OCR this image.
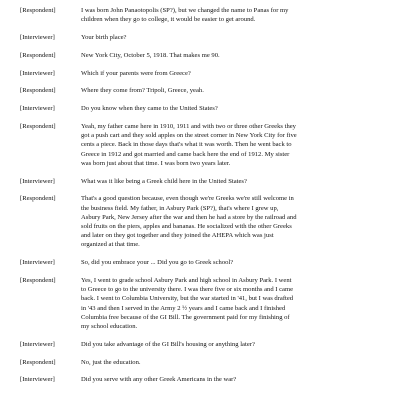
[Respondent]	I was born John Panaotopolis (SP?), but we changed the name to Panas for my
children when they go to college, it would be easier to get around.
[Interviewer]	Your birth place?
[Respondent]	New York City, October 5, 1918. That makes me 90.
[Interviewer]	Which if your parents were from Greece?
[Respondent]	Where they come from? Tripoli, Greece, yeah.
[Interviewer]	Do you know when they came to the United States?
[Respondent]	Yeah, my father came here in 1910, 1911 and with two or three other Greeks they
got a push cart and they sold apples on the street corner in New York City for five
cents a piece. Back in those days that's what it was worth. Then he went back to
Greece in 1912 and got married and came back here the end of 1912. My sister
was born just about that time. I was born two years later.
[Interviewer]	What was it like being a Greek child here in the United States?
[Respondent]	That's a good question because, even though we're Greeks we're still welcome in
the business field. My father, in Asbury Park (SP?), that's where I grew up,
Asbury Park, New Jersey after the war and then he had a store by the railroad and
sold fruits on the piers, apples and bananas. He socialized with the other Greeks
and later on they got together and they joined the AHEPA which was just
organized at that time.
[Interviewer]	So, did you embrace your ... Did you go to Greek school?
[Respondent]	Yes, I went to grade school Asbury Park and high school in Asbury Park. I went
to Greece to go to the university there. I was there five or six months and I came
back. I went to Columbia University, but the war started in '41, but I was drafted
in '43 and then I served in the Army 2 ½ years and I came back and I finished
Columbia free because of the GI Bill. The government paid for my finishing of
my school education.
[Interviewer]	Did you take advantage of the GI Bill's housing or anything later?
[Respondent]	No, just the education.
[Interviewer]	Did you serve with any other Greek Americans in the war?
